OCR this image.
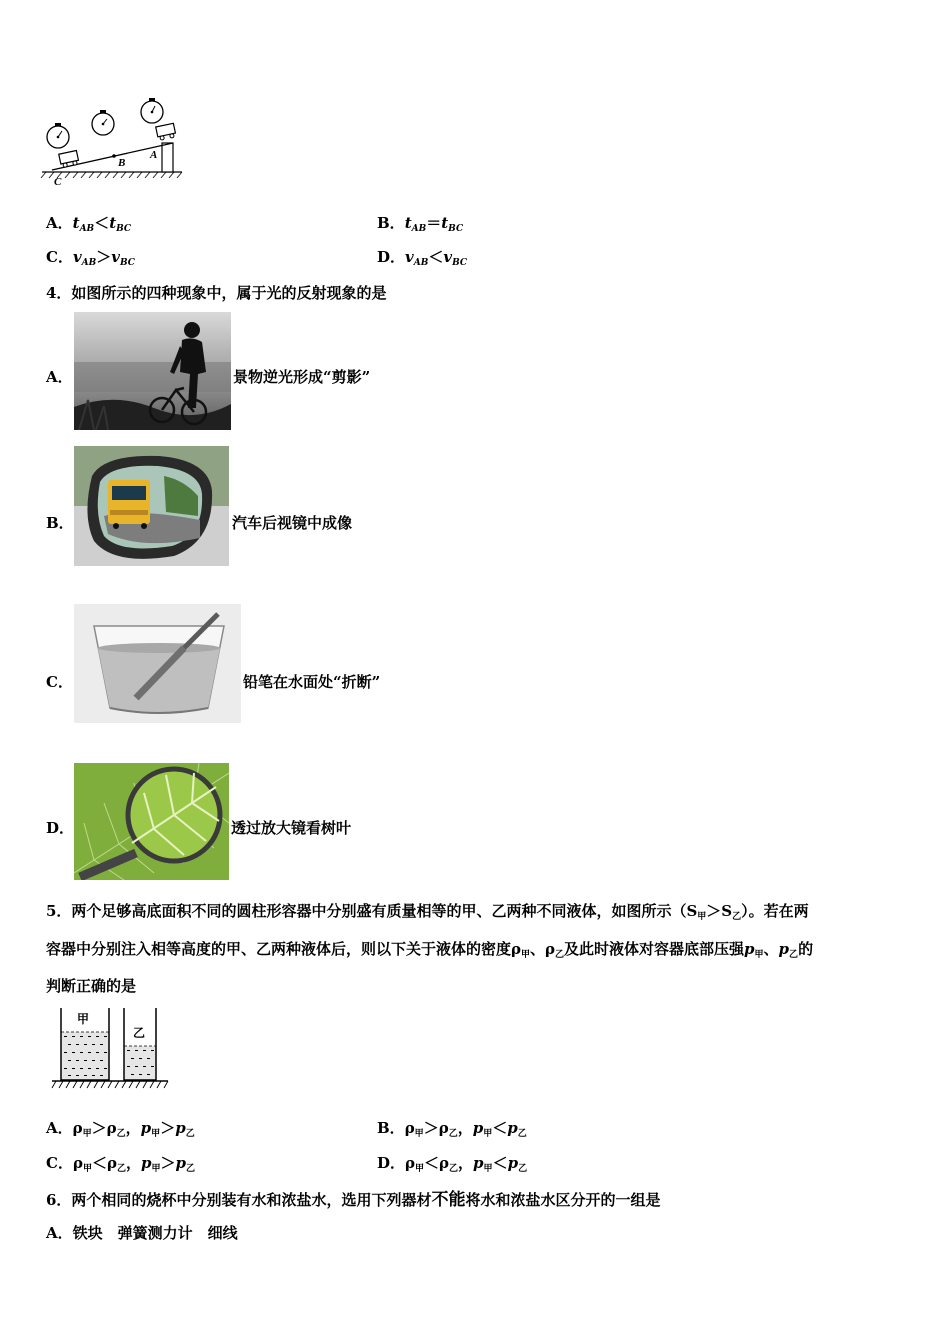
B
A
C
A．$t_{AB}<t_{BC}$	B．$t_{AB}=t_{BC}$
C．$v_{AB}>v_{BC}$	D．$v_{AB}<v_{BC}$
4．如图所示的四种现象中，属于光的反射现象的是
A．	景物逆光形成“剪影”
B．	汽车后视镜中成像
C．	铅笔在水面处“折断”
D．	透过放大镜看树叶
5．两个足够高底面积不同的圆柱形容器中分别盛有质量相等的甲、乙两种不同液体，如图所示$(S_甲>S_乙)$。若在两
容器中分别注入相等高度的甲、乙两种液体后，则以下关于液体的密度$\rho_甲$、$\rho_乙$及此时液体对容器底部压强$p_甲$、$p_乙$的
判断正确的是
甲
乙
A．$\rho_甲>\rho_乙$，$p_甲>p_乙$	B．$\rho_甲>\rho_乙$，$p_甲<p_乙$
C．$\rho_甲<\rho_乙$，$p_甲>p_乙$	D．$\rho_甲<\rho_乙$，$p_甲<p_乙$
6．两个相同的烧杯中分别装有水和浓盐水，选用下列器材不能将水和浓盐水区分开的一组是
A．铁块　弹簧测力计　细线
